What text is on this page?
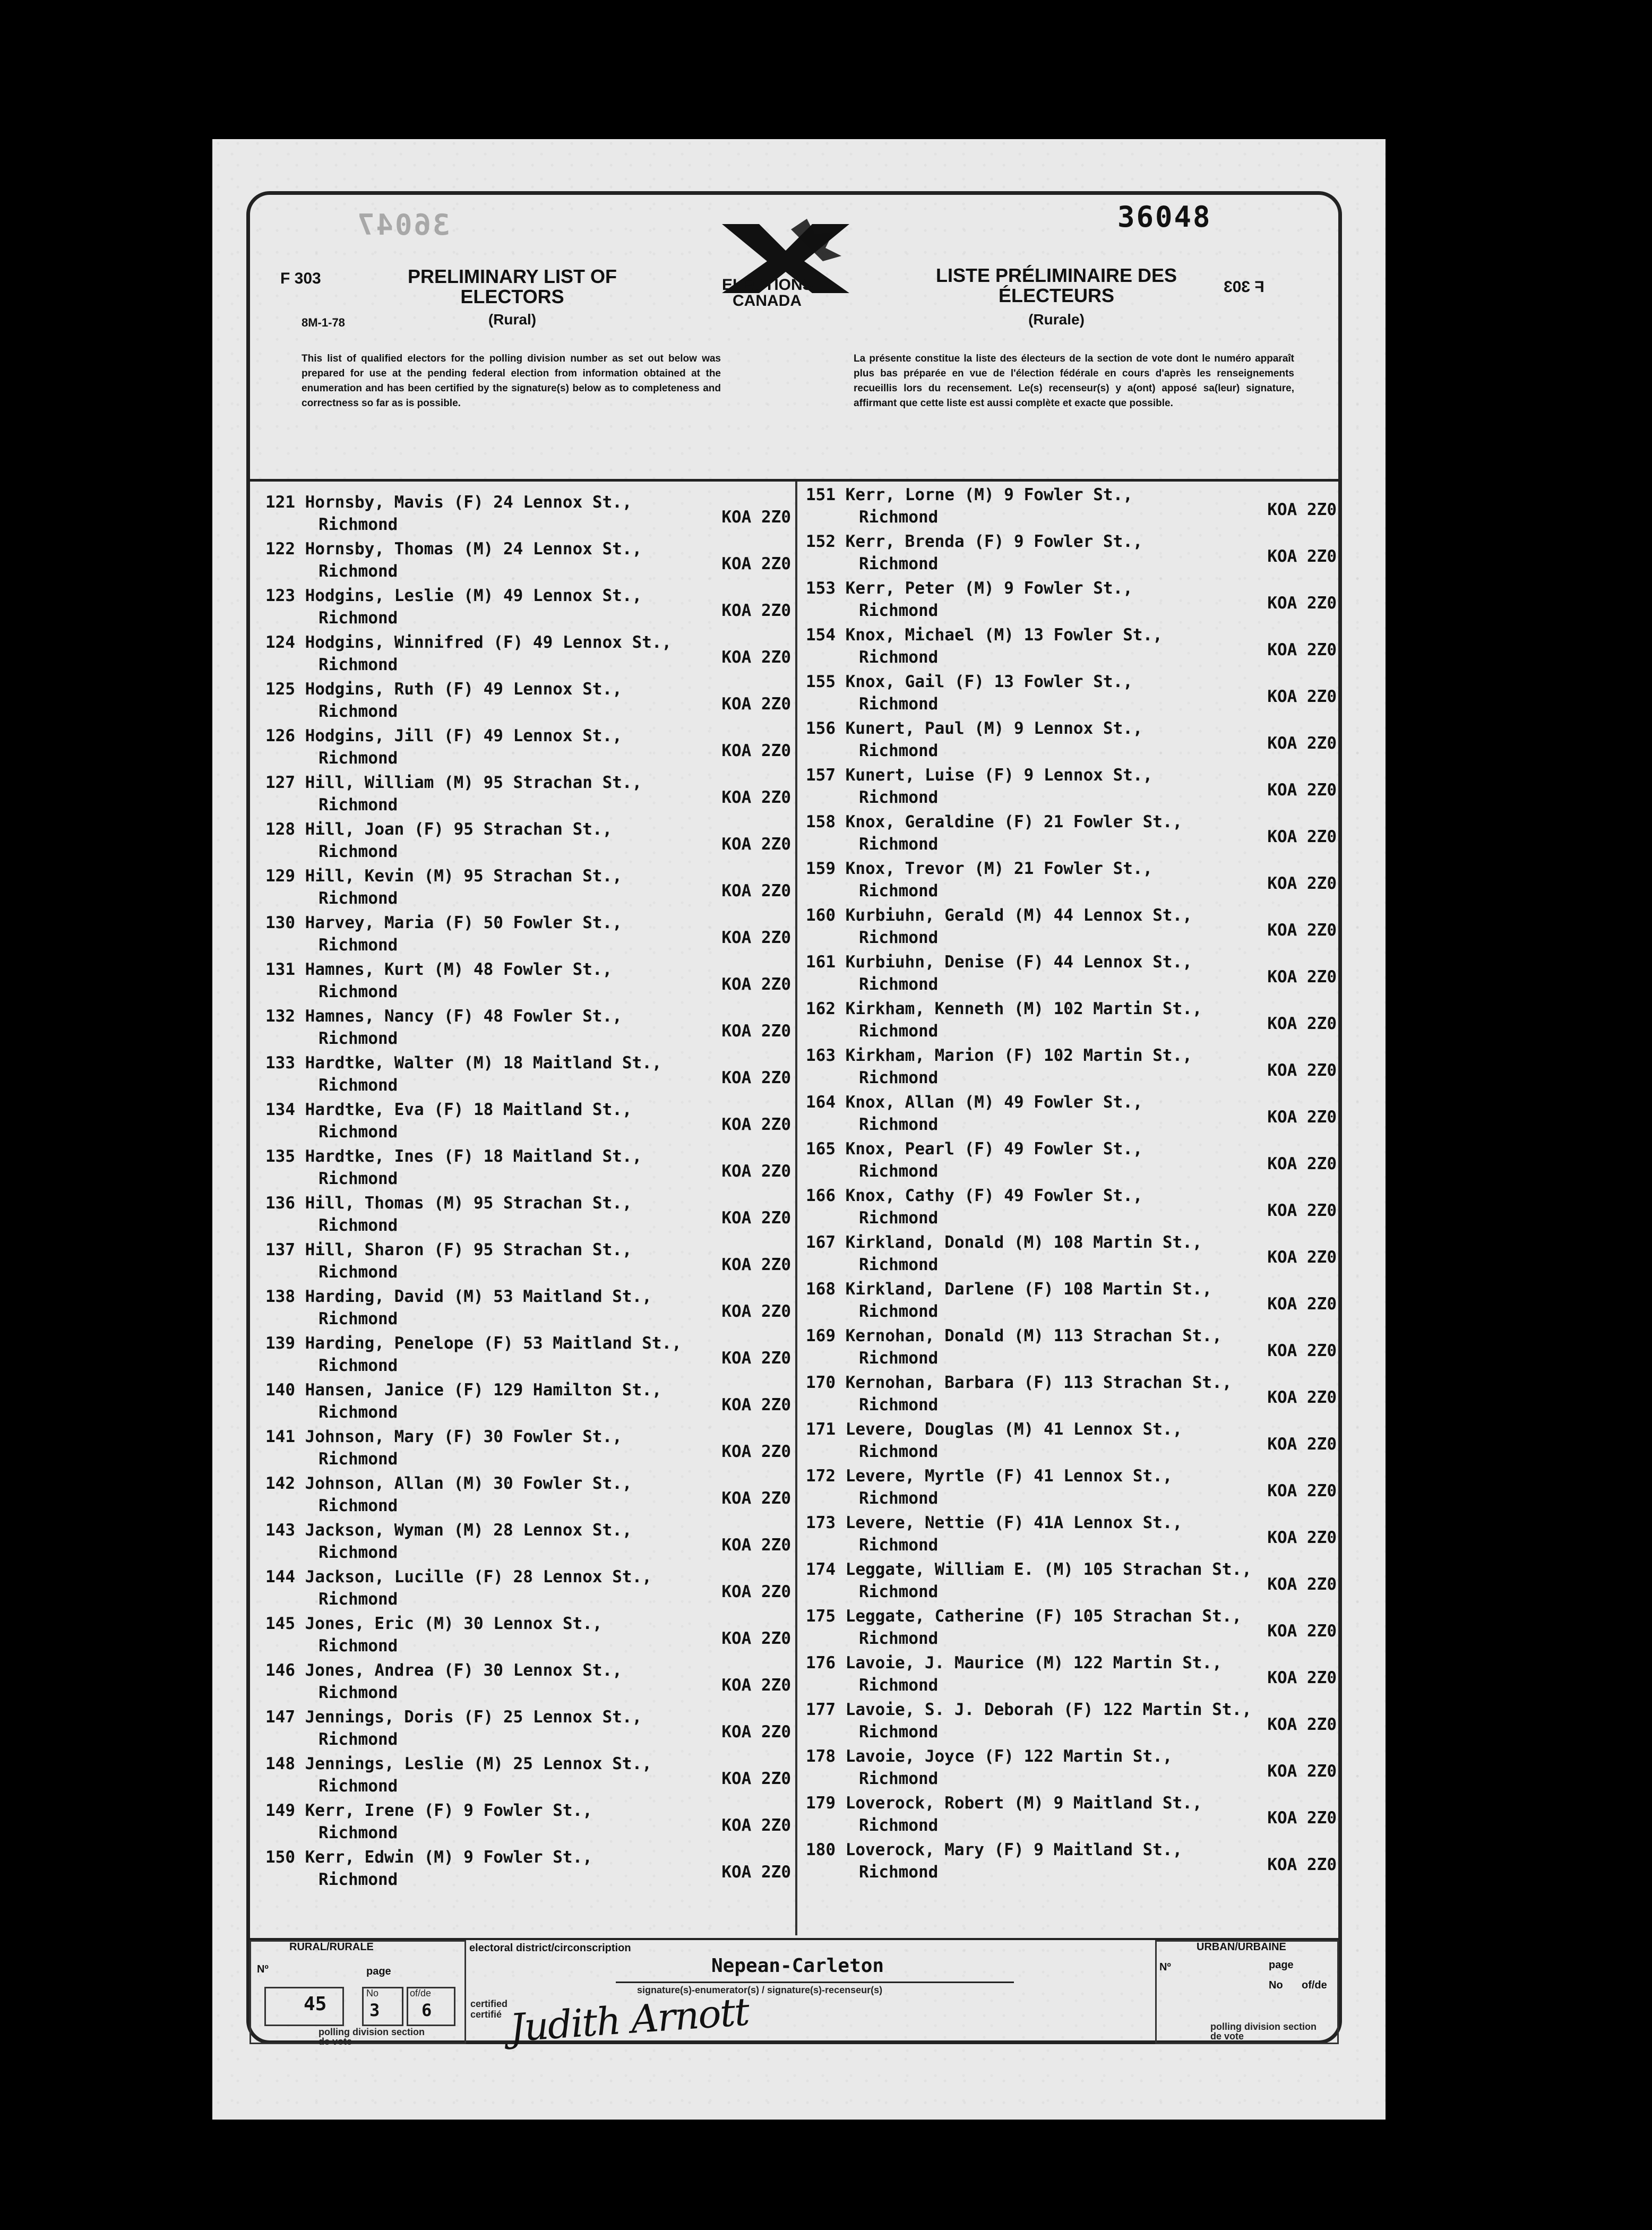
36047	36048
F 303
8M-1-78
PRELIMINARY LIST OF ELECTORS
(Rural)
ELECTIONS
CANADA
LISTE PRÉLIMINAIRE DES ÉLECTEURS
(Rurale)
F 303
This list of qualified electors for the polling division number as set out below was prepared for use at the pending federal election from information obtained at the enumeration and has been certified by the signature(s) below as to completeness and correctness so far as is possible.
La présente constitue la liste des électeurs de la section de vote dont le numéro apparaît plus bas préparée en vue de l'élection fédérale en cours d'après les renseignements recueillis lors du recensement. Le(s) recenseur(s) y a(ont) apposé sa(leur) signature, affirmant que cette liste est aussi complète et exacte que possible.
121 Hornsby, Mavis (F) 24 Lennox St.,
Richmond	KOA 2Z0
122 Hornsby, Thomas (M) 24 Lennox St.,
Richmond	KOA 2Z0
123 Hodgins, Leslie (M) 49 Lennox St.,
Richmond	KOA 2Z0
124 Hodgins, Winnifred (F) 49 Lennox St.,
Richmond	KOA 2Z0
125 Hodgins, Ruth (F) 49 Lennox St.,
Richmond	KOA 2Z0
126 Hodgins, Jill (F) 49 Lennox St.,
Richmond	KOA 2Z0
127 Hill, William (M) 95 Strachan St.,
Richmond	KOA 2Z0
128 Hill, Joan (F) 95 Strachan St.,
Richmond	KOA 2Z0
129 Hill, Kevin (M) 95 Strachan St.,
Richmond	KOA 2Z0
130 Harvey, Maria (F) 50 Fowler St.,
Richmond	KOA 2Z0
131 Hamnes, Kurt (M) 48 Fowler St.,
Richmond	KOA 2Z0
132 Hamnes, Nancy (F) 48 Fowler St.,
Richmond	KOA 2Z0
133 Hardtke, Walter (M) 18 Maitland St.,
Richmond	KOA 2Z0
134 Hardtke, Eva (F) 18 Maitland St.,
Richmond	KOA 2Z0
135 Hardtke, Ines (F) 18 Maitland St.,
Richmond	KOA 2Z0
136 Hill, Thomas (M) 95 Strachan St.,
Richmond	KOA 2Z0
137 Hill, Sharon (F) 95 Strachan St.,
Richmond	KOA 2Z0
138 Harding, David (M) 53 Maitland St.,
Richmond	KOA 2Z0
139 Harding, Penelope (F) 53 Maitland St.,
Richmond	KOA 2Z0
140 Hansen, Janice (F) 129 Hamilton St.,
Richmond	KOA 2Z0
141 Johnson, Mary (F) 30 Fowler St.,
Richmond	KOA 2Z0
142 Johnson, Allan (M) 30 Fowler St.,
Richmond	KOA 2Z0
143 Jackson, Wyman (M) 28 Lennox St.,
Richmond	KOA 2Z0
144 Jackson, Lucille (F) 28 Lennox St.,
Richmond	KOA 2Z0
145 Jones, Eric (M) 30 Lennox St.,
Richmond	KOA 2Z0
146 Jones, Andrea (F) 30 Lennox St.,
Richmond	KOA 2Z0
147 Jennings, Doris (F) 25 Lennox St.,
Richmond	KOA 2Z0
148 Jennings, Leslie (M) 25 Lennox St.,
Richmond	KOA 2Z0
149 Kerr, Irene (F) 9 Fowler St.,
Richmond	KOA 2Z0
150 Kerr, Edwin (M) 9 Fowler St.,
Richmond	KOA 2Z0
151 Kerr, Lorne (M) 9 Fowler St.,
Richmond	KOA 2Z0
152 Kerr, Brenda (F) 9 Fowler St.,
Richmond	KOA 2Z0
153 Kerr, Peter (M) 9 Fowler St.,
Richmond	KOA 2Z0
154 Knox, Michael (M) 13 Fowler St.,
Richmond	KOA 2Z0
155 Knox, Gail (F) 13 Fowler St.,
Richmond	KOA 2Z0
156 Kunert, Paul (M) 9 Lennox St.,
Richmond	KOA 2Z0
157 Kunert, Luise (F) 9 Lennox St.,
Richmond	KOA 2Z0
158 Knox, Geraldine (F) 21 Fowler St.,
Richmond	KOA 2Z0
159 Knox, Trevor (M) 21 Fowler St.,
Richmond	KOA 2Z0
160 Kurbiuhn, Gerald (M) 44 Lennox St.,
Richmond	KOA 2Z0
161 Kurbiuhn, Denise (F) 44 Lennox St.,
Richmond	KOA 2Z0
162 Kirkham, Kenneth (M) 102 Martin St.,
Richmond	KOA 2Z0
163 Kirkham, Marion (F) 102 Martin St.,
Richmond	KOA 2Z0
164 Knox, Allan (M) 49 Fowler St.,
Richmond	KOA 2Z0
165 Knox, Pearl (F) 49 Fowler St.,
Richmond	KOA 2Z0
166 Knox, Cathy (F) 49 Fowler St.,
Richmond	KOA 2Z0
167 Kirkland, Donald (M) 108 Martin St.,
Richmond	KOA 2Z0
168 Kirkland, Darlene (F) 108 Martin St.,
Richmond	KOA 2Z0
169 Kernohan, Donald (M) 113 Strachan St.,
Richmond	KOA 2Z0
170 Kernohan, Barbara (F) 113 Strachan St.,
Richmond	KOA 2Z0
171 Levere, Douglas (M) 41 Lennox St.,
Richmond	KOA 2Z0
172 Levere, Myrtle (F) 41 Lennox St.,
Richmond	KOA 2Z0
173 Levere, Nettie (F) 41A Lennox St.,
Richmond	KOA 2Z0
174 Leggate, William E. (M) 105 Strachan St.,
Richmond	KOA 2Z0
175 Leggate, Catherine (F) 105 Strachan St.,
Richmond	KOA 2Z0
176 Lavoie, J. Maurice (M) 122 Martin St.,
Richmond	KOA 2Z0
177 Lavoie, S. J. Deborah (F) 122 Martin St.,
Richmond	KOA 2Z0
178 Lavoie, Joyce (F) 122 Martin St.,
Richmond	KOA 2Z0
179 Loverock, Robert (M) 9 Maitland St.,
Richmond	KOA 2Z0
180 Loverock, Mary (F) 9 Maitland St.,
Richmond	KOA 2Z0
RURAL/RURALE
Nº	page
45	No
3
of/de
6
polling division section de vote
electoral district/circonscription
Nepean-Carleton
signature(s)-enumerator(s) / signature(s)-recenseur(s)
certified certifié Judith Arnott
URBAN/URBAINE
Nº	page
No of/de
polling division section de vote
